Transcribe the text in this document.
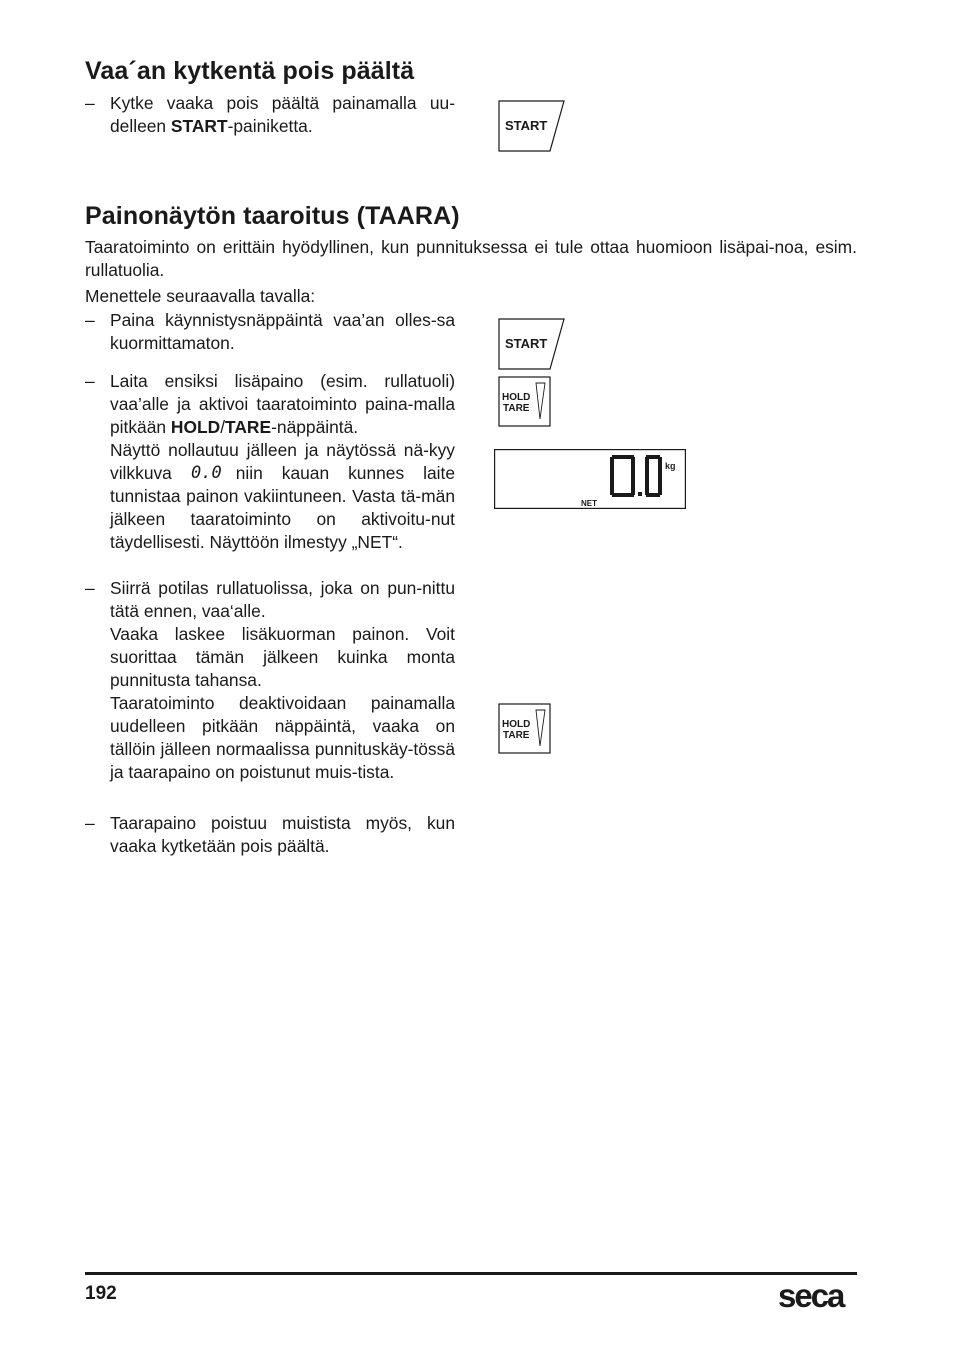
Vaa´an kytkentä pois päältä
– Kytke vaaka pois päältä painamalla uu-delleen START-painiketta.	START
Painonäytön taaroitus (TAARA)

Taaratoiminto on erittäin hyödyllinen, kun punnituksessa ei tule ottaa huomioon lisäpai-noa, esim. rullatuolia.

Menettele seuraavalla tavalla:

– Paina käynnistysnäppäintä vaa’an olles-sa kuormittamaton.

– Laita ensiksi lisäpaino (esim. rullatuoli) vaa’alle ja aktivoi taaratoiminto paina-malla pitkään HOLD/TARE-näppäintä.

Näyttö nollautuu jälleen ja näytössä nä-kyy vilkkuva 0.0
niin kauan kunnes laite tunnistaa painon vakiintuneen. Vasta tä-män jälkeen taaratoiminto on aktivoitu-nut täydellisesti. Näyttöön ilmestyy „NET“.

– Siirrä potilas rullatuolissa, joka on pun-nittu tätä ennen, vaa‘alle.

Vaaka laskee lisäkuorman painon. Voit suorittaa tämän jälkeen kuinka monta punnitusta tahansa.

Taaratoiminto deaktivoidaan painamalla uudelleen pitkään näppäintä, vaaka on tällöin jälleen normaalissa punnituskäy-tössä ja taarapaino on poistunut muis-tista.

– Taarapaino poistuu muistista myös, kun vaaka kytketään pois päältä.

START
HOLD
TARE
kg
NET
HOLD
TARE
192	seca
